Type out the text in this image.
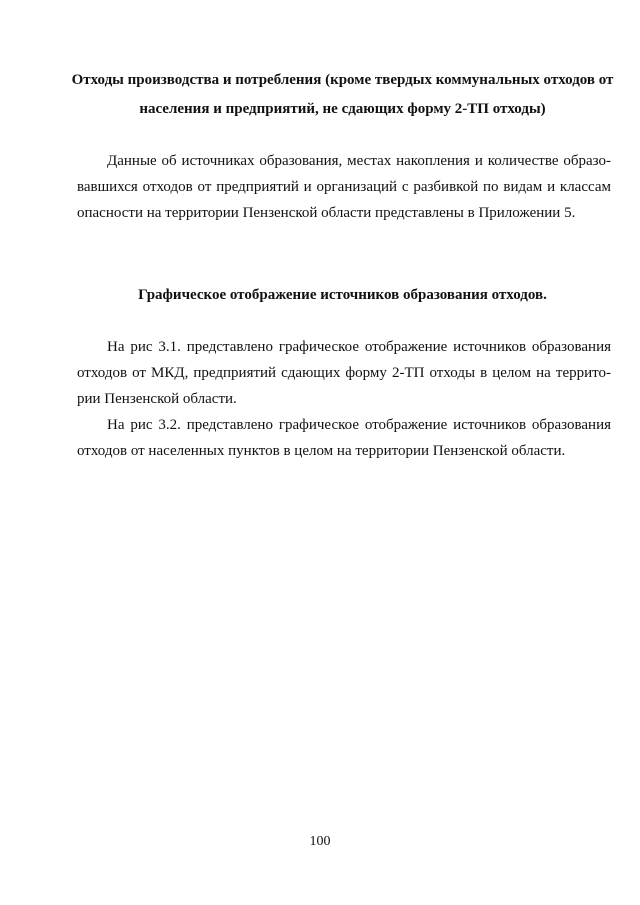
Отходы производства и потребления (кроме твердых коммунальных отходов от
населения и предприятий, не сдающих форму 2-ТП отходы)

Данные об источниках образования, местах накопления и количестве образо-
вавшихся отходов от предприятий и организаций с разбивкой по видам и классам
опасности на территории Пензенской области представлены в Приложении 5.

Графическое отображение источников образования отходов.

На рис 3.1. представлено графическое отображение источников образования
отходов от МКД, предприятий сдающих форму 2-ТП отходы в целом на террито-
рии Пензенской области.

На рис 3.2. представлено графическое отображение источников образования
отходов от населенных пунктов в целом на территории Пензенской области.

100
